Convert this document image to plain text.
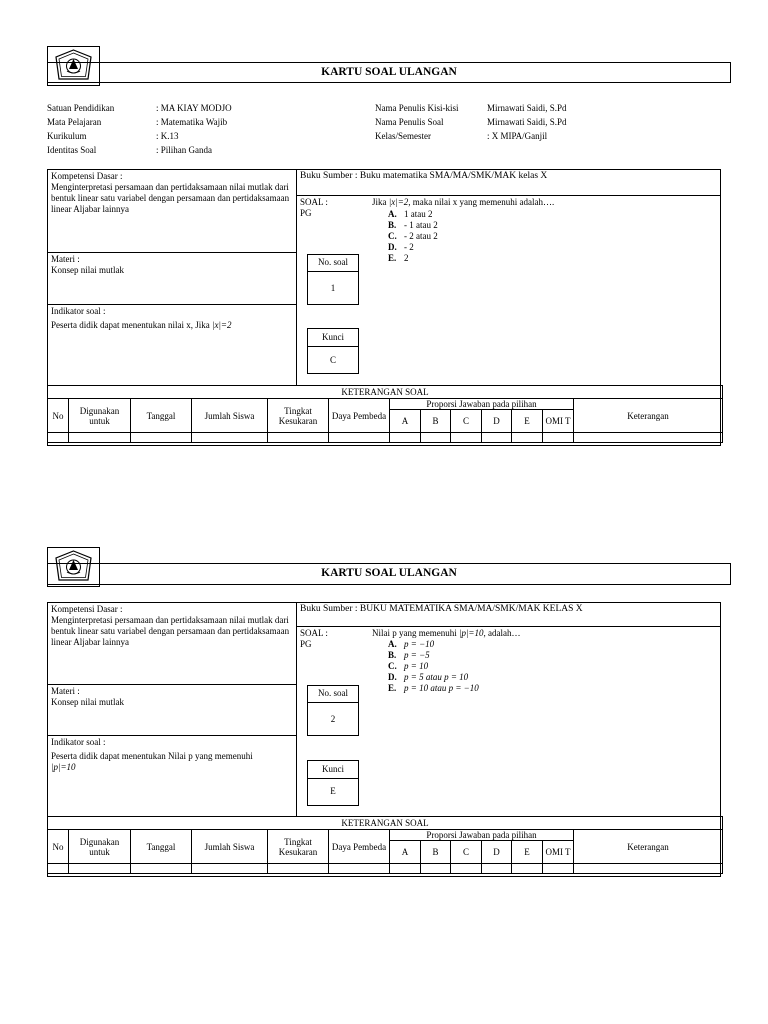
KARTU SOAL ULANGAN
Satuan Pendidikan	: MA KIAY MODJO
Mata Pelajaran	: Matematika Wajib
Kurikulum	: K.13
Identitas Soal	: Pilihan Ganda
Nama Penulis Kisi-kisi	Mirnawati Saidi, S.Pd
Nama Penulis Soal	Mirnawati Saidi, S.Pd
Kelas/Semester	: X MIPA/Ganjil
Kompetensi Dasar :
Menginterpretasi persamaan dan pertidaksamaan nilai mutlak dari bentuk linear satu variabel dengan persamaan dan pertidaksamaan linear Aljabar lainnya
Buku Sumber : Buku matematika SMA/MA/SMK/MAK kelas X
SOAL :
PG
Jika |x|=2, maka nilai x yang memenuhi adalah….
A. 1 atau 2
B. - 1 atau 2
C. - 2 atau 2
D. - 2
E. 2
Materi :
Konsep nilai mutlak
Indikator soal :
Peserta didik dapat menentukan nilai x, Jika |x|=2
No. soal
1
Kunci
C
KETERANGAN SOAL												
No	Digunakan untuk	Tanggal	Jumlah Siswa	Tingkat Kesukaran	Daya Pembeda	Proporsi Jawaban pada pilihan						Keterangan
						A	B	C	D	E	OMI T	

KARTU SOAL ULANGAN
Kompetensi Dasar :
Menginterpretasi persamaan dan pertidaksamaan nilai mutlak dari bentuk linear satu variabel dengan persamaan dan pertidaksamaan linear Aljabar lainnya
Buku Sumber : BUKU MATEMATIKA SMA/MA/SMK/MAK KELAS X
SOAL :
PG
Nilai p yang memenuhi |p|=10, adalah…
A. p = −10
B. p = −5
C. p = 10
D. p = 5 atau p = 10
E. p = 10 atau p = −10
Materi :
Konsep nilai mutlak
Indikator soal :
Peserta didik dapat menentukan Nilai p yang memenuhi
|p|=10
No. soal
2
Kunci
E
KETERANGAN SOAL												
No	Digunakan untuk	Tanggal	Jumlah Siswa	Tingkat Kesukaran	Daya Pembeda	Proporsi Jawaban pada pilihan						Keterangan
						A	B	C	D	E	OMI T	
